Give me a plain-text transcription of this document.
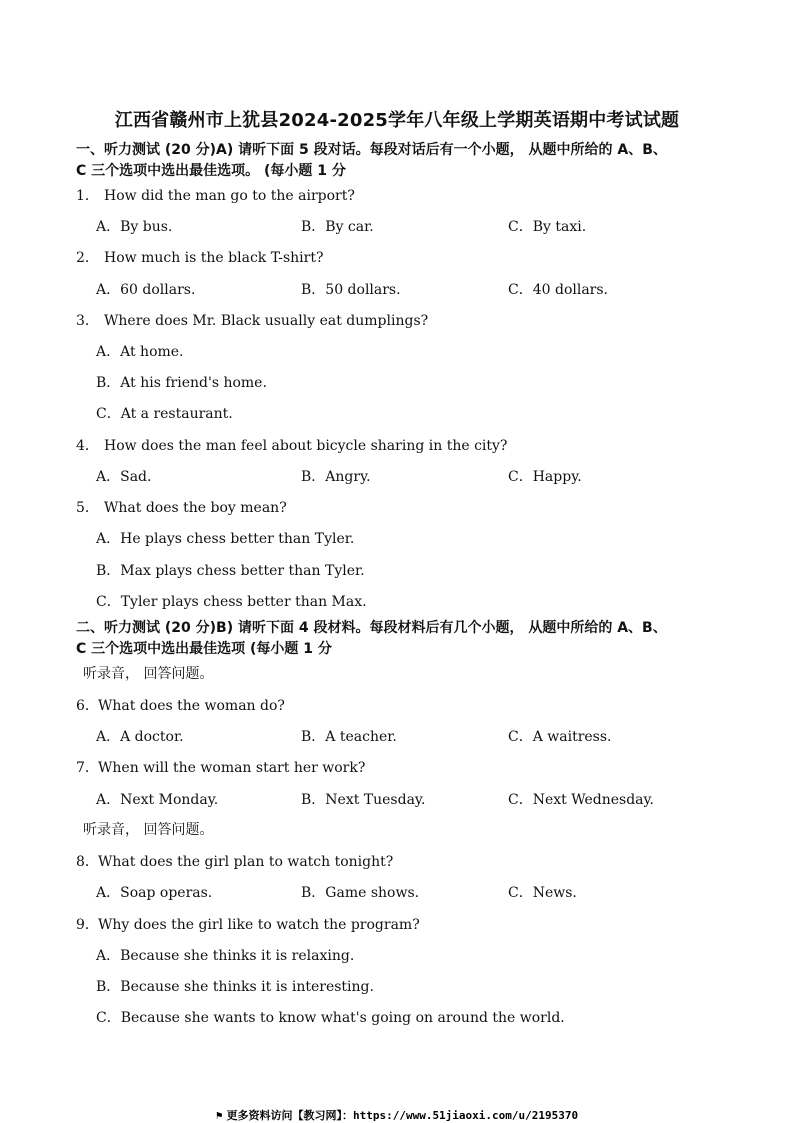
江西省赣州市上犹县2024-2025学年八年级上学期英语期中考试试题
一、听力测试 (20 分)A) 请听下面 5 段对话。每段对话后有一个小题， 从题中所给的 A、B、
C 三个选项中选出最佳选项。 (每小题 1 分
1． How did the man go to the airport?
A．By bus.	B．By car.	C．By taxi.
2． How much is the black T-shirt?
A．60 dollars.	B．50 dollars.	C．40 dollars.
3． Where does Mr. Black usually eat dumplings?
A．At home.
B．At his friend's home.
C．At a restaurant.
4． How does the man feel about bicycle sharing in the city?
A．Sad.	B．Angry.	C．Happy.
5． What does the boy mean?
A．He plays chess better than Tyler.
B．Max plays chess better than Tyler.
C．Tyler plays chess better than Max.
二、听力测试 (20 分)B) 请听下面 4 段材料。每段材料后有几个小题， 从题中所给的 A、B、
C 三个选项中选出最佳选项 (每小题 1 分
听录音， 回答问题。
6．What does the woman do?
A．A doctor.	B．A teacher.	C．A waitress.
7．When will the woman start her work?
A．Next Monday.	B．Next Tuesday.	C．Next Wednesday.
听录音， 回答问题。
8．What does the girl plan to watch tonight?
A．Soap operas.	B．Game shows.	C．News.
9．Why does the girl like to watch the program?
A．Because she thinks it is relaxing.
B．Because she thinks it is interesting.
C．Because she wants to know what's going on around the world.
⚑ 更多资料访问【教习网】：https://www.51jiaoxi.com/u/2195370
